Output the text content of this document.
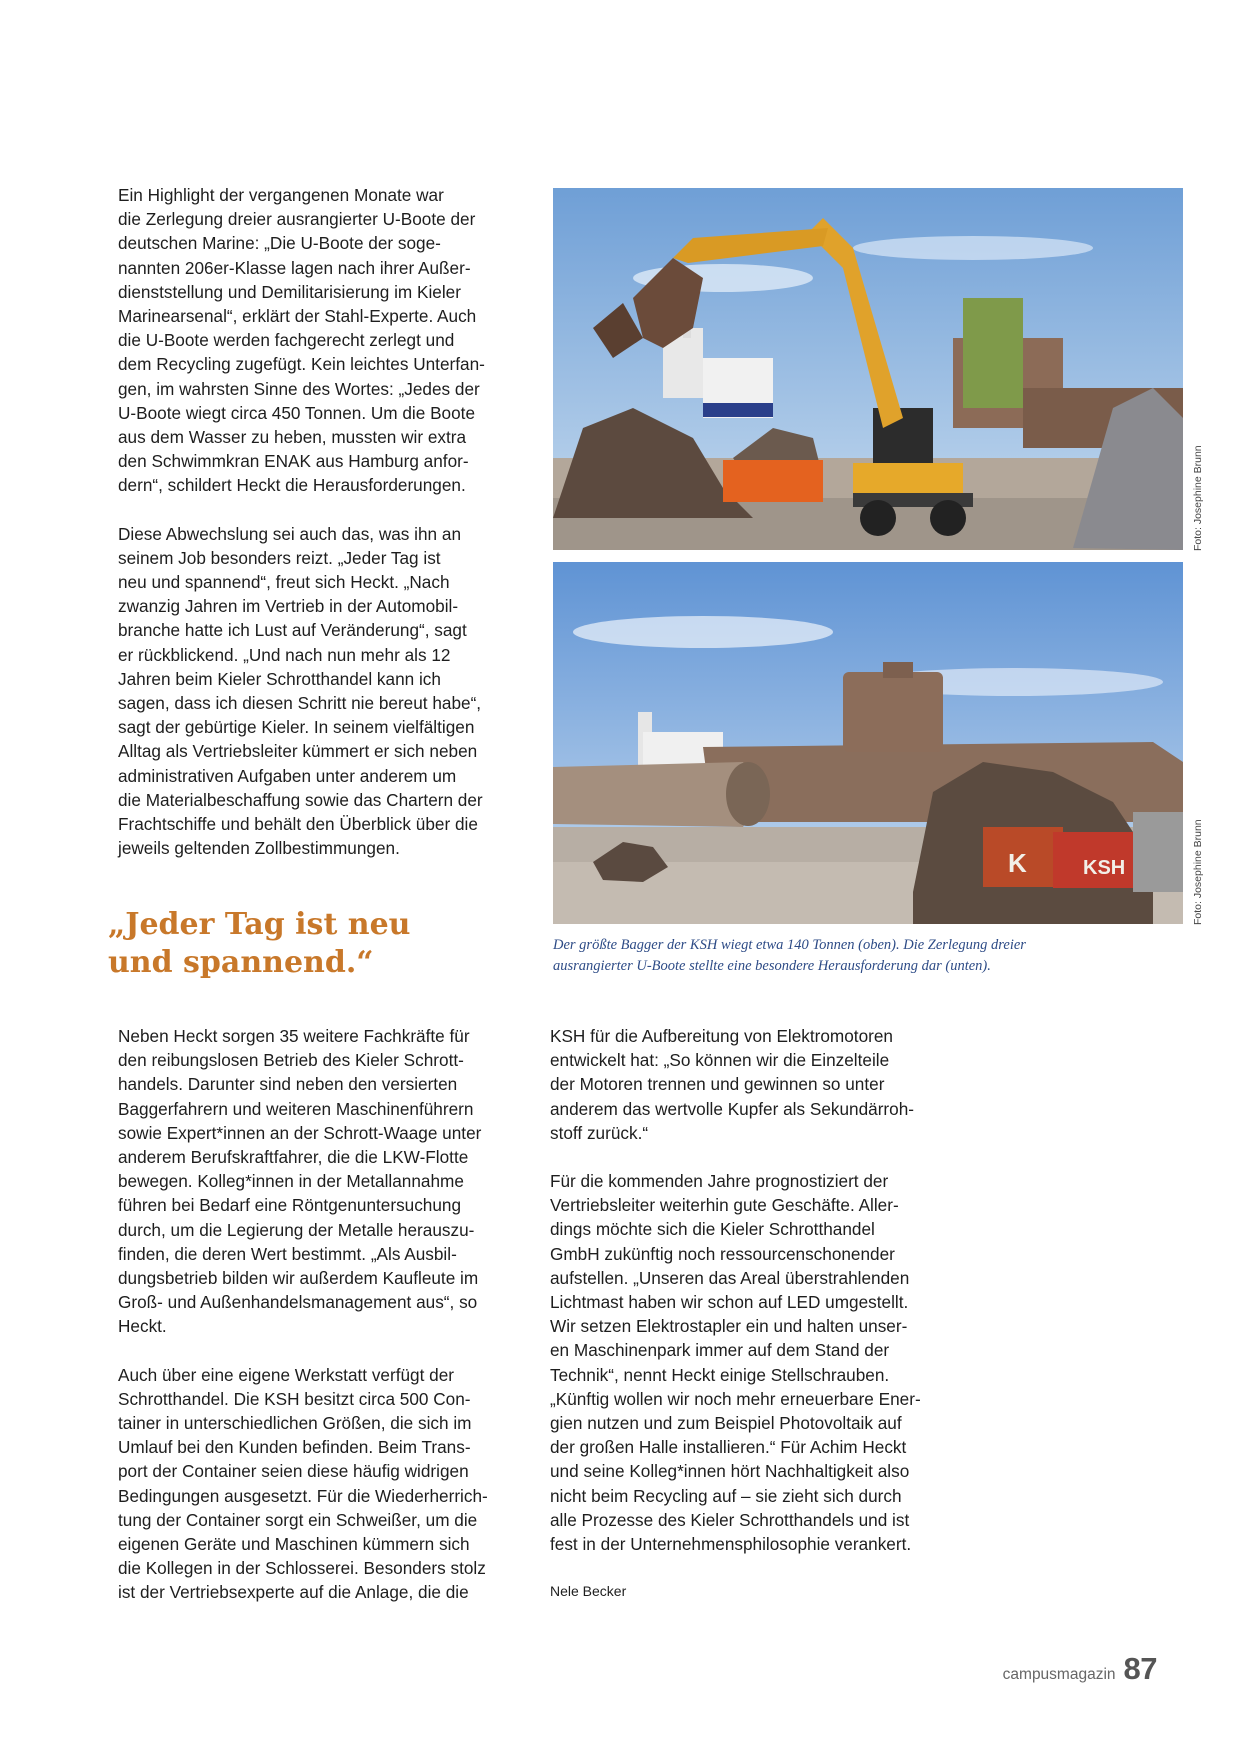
Ein Highlight der vergangenen Monate war
die Zerlegung dreier ausrangierter U-Boote der
deutschen Marine: „Die U-Boote der soge-
nannten 206er-Klasse lagen nach ihrer Außer-
dienststellung und Demilitarisierung im Kieler
Marinearsenal“, erklärt der Stahl-Experte. Auch
die U-Boote werden fachgerecht zerlegt und
dem Recycling zugefügt. Kein leichtes Unterfan-
gen, im wahrsten Sinne des Wortes: „Jedes der
U-Boote wiegt circa 450 Tonnen. Um die Boote
aus dem Wasser zu heben, mussten wir extra
den Schwimmkran ENAK aus Hamburg anfor-
dern“, schildert Heckt die Herausforderungen.

Diese Abwechslung sei auch das, was ihn an
seinem Job besonders reizt. „Jeder Tag ist
neu und spannend“, freut sich Heckt. „Nach
zwanzig Jahren im Vertrieb in der Automobil-
branche hatte ich Lust auf Veränderung“, sagt
er rückblickend. „Und nach nun mehr als 12
Jahren beim Kieler Schrotthandel kann ich
sagen, dass ich diesen Schritt nie bereut habe“,
sagt der gebürtige Kieler. In seinem vielfältigen
Alltag als Vertriebsleiter kümmert er sich neben
administrativen Aufgaben unter anderem um
die Materialbeschaffung sowie das Chartern der
Frachtschiffe und behält den Überblick über die
jeweils geltenden Zollbestimmungen.

„Jeder Tag ist neu
und spannend.“
Foto: Josephine Brunn
K	KSH	Foto: Josephine Brunn
Der größte Bagger der KSH wiegt etwa 140 Tonnen (oben). Die Zerlegung dreier
ausrangierter U-Boote stellte eine besondere Herausforderung dar (unten).

Neben Heckt sorgen 35 weitere Fachkräfte für
den reibungslosen Betrieb des Kieler Schrott-
handels. Darunter sind neben den versierten
Baggerfahrern und weiteren Maschinenführern
sowie Expert*innen an der Schrott-Waage unter
anderem Berufskraftfahrer, die die LKW-Flotte
bewegen. Kolleg*innen in der Metallannahme
führen bei Bedarf eine Röntgenuntersuchung
durch, um die Legierung der Metalle herauszu-
finden, die deren Wert bestimmt. „Als Ausbil-
dungsbetrieb bilden wir außerdem Kaufleute im
Groß- und Außenhandelsmanagement aus“, so
Heckt.

Auch über eine eigene Werkstatt verfügt der
Schrotthandel. Die KSH besitzt circa 500 Con-
tainer in unterschiedlichen Größen, die sich im
Umlauf bei den Kunden befinden. Beim Trans-
port der Container seien diese häufig widrigen
Bedingungen ausgesetzt. Für die Wiederherrich-
tung der Container sorgt ein Schweißer, um die
eigenen Geräte und Maschinen kümmern sich
die Kollegen in der Schlosserei. Besonders stolz
ist der Vertriebsexperte auf die Anlage, die die

KSH für die Aufbereitung von Elektromotoren
entwickelt hat: „So können wir die Einzelteile
der Motoren trennen und gewinnen so unter
anderem das wertvolle Kupfer als Sekundärroh-
stoff zurück.“

Für die kommenden Jahre prognostiziert der
Vertriebsleiter weiterhin gute Geschäfte. Aller-
dings möchte sich die Kieler Schrotthandel
GmbH zukünftig noch ressourcenschonender
aufstellen. „Unseren das Areal überstrahlenden
Lichtmast haben wir schon auf LED umgestellt.
Wir setzen Elektrostapler ein und halten unser-
en Maschinenpark immer auf dem Stand der
Technik“, nennt Heckt einige Stellschrauben.
„Künftig wollen wir noch mehr erneuerbare Ener-
gien nutzen und zum Beispiel Photovoltaik auf
der großen Halle installieren.“ Für Achim Heckt
und seine Kolleg*innen hört Nachhaltigkeit also
nicht beim Recycling auf – sie zieht sich durch
alle Prozesse des Kieler Schrotthandels und ist
fest in der Unternehmensphilosophie verankert.

Nele Becker
campusmagazin 87
